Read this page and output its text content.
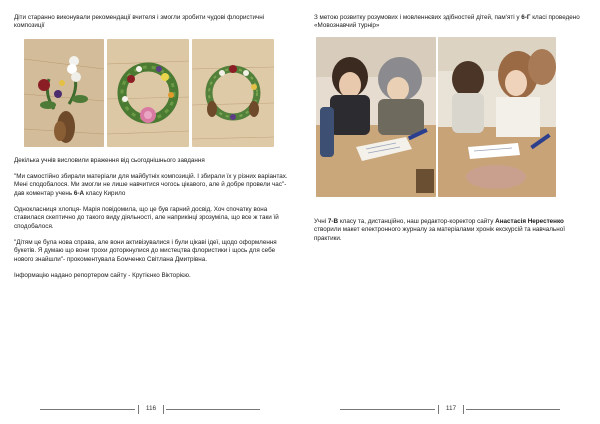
Діти старанно виконували рекомендації вчителя і змогли зробити чудові флористичні композиції
Декілька учнів висловили враження від сьогоднішнього завдання
"Ми самостійно збирали матеріали для майбутніх композицій. І збирали їх у різних варіантах. Мені сподобалося. Ми змогли не лише навчитися чогось цікавого, але й добре провели час"- дав коментар учень 6-А класу Кирило
Однокласниця хлопця- Марія повідомила, що це був гарний досвід. Хоч спочатку вона ставилася скептично до такого виду діяльності, але наприкінці зрозуміла, що все ж таки їй сподобалося.
"Дітям це була нова справа, але вони активізувалися і були цікаві ідеї, щодо оформлення букетів. Я думаю що вони трохи доторкнулися до мистецтва флористики і щось для себе нового знайшли"- прокоментувала Бомченко Світлана Дмитрівна.
Інформацію надано репортером сайту - Крутієнко Вікторією.
116
З метою розвитку розумових і мовленнєвих здібностей дітей, пам'яті у 6-Г класі проведено «Мовознавчий турнір»
Учні 7-В класу та, дистанційно, наш редактор-коректор сайту Анастасія Нерестенко створили макет електронного журналу за матеріалами хронік екскурсій та навчальної практики.
117
